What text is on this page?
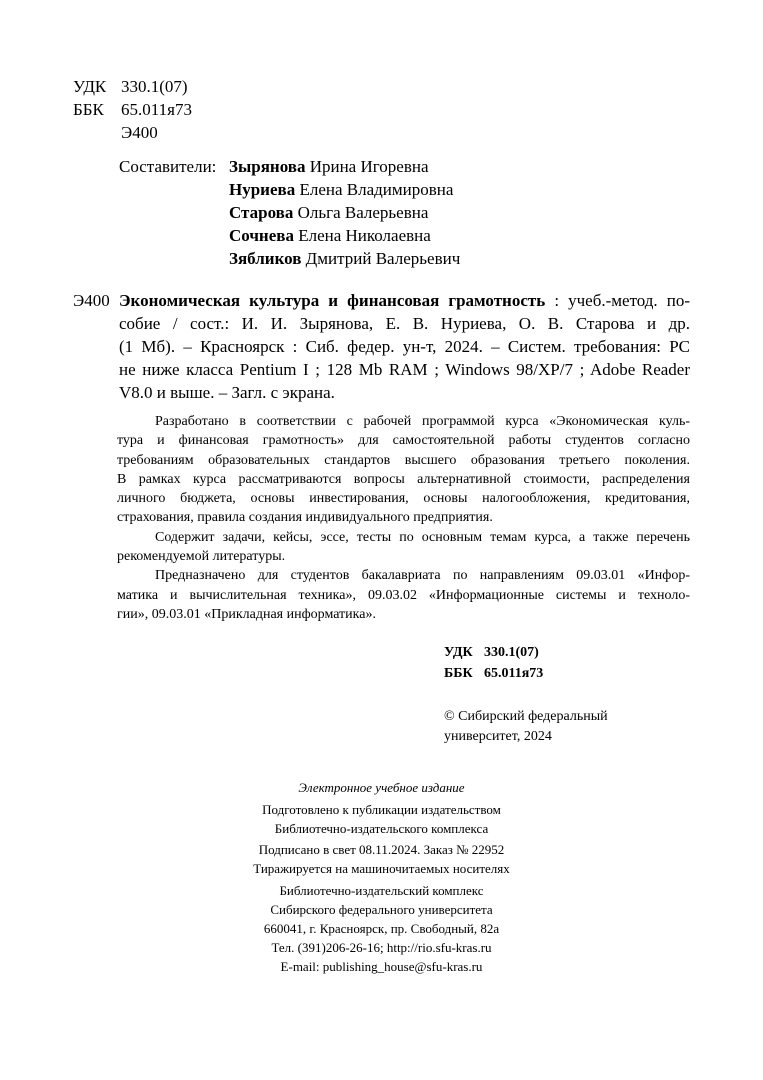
УДК 330.1(07)
ББК 65.011я73
Э400
Составители: Зырянова Ирина Игоревна
Нуриева Елена Владимировна
Старова Ольга Валерьевна
Сочнева Елена Николаевна
Зябликов Дмитрий Валерьевич
Э400 Экономическая культура и финансовая грамотность : учеб.-метод. по-
собие / сост.: И. И. Зырянова, Е. В. Нуриева, О. В. Старова и др.
(1 Мб). – Красноярск : Сиб. федер. ун-т, 2024. – Систем. требования: PC
не ниже класса Pentium I ; 128 Mb RAM ; Windows 98/XP/7 ; Adobe Reader
V8.0 и выше. – Загл. с экрана.
Разработано в соответствии с рабочей программой курса «Экономическая куль-
тура и финансовая грамотность» для самостоятельной работы студентов согласно
требованиям образовательных стандартов высшего образования третьего поколения.
В рамках курса рассматриваются вопросы альтернативной стоимости, распределения
личного бюджета, основы инвестирования, основы налогообложения, кредитования,
страхования, правила создания индивидуального предприятия.
Содержит задачи, кейсы, эссе, тесты по основным темам курса, а также перечень
рекомендуемой литературы.
Предназначено для студентов бакалавриата по направлениям 09.03.01 «Инфор-
матика и вычислительная техника», 09.03.02 «Информационные системы и техноло-
гии», 09.03.01 «Прикладная информатика».
УДК 330.1(07)
ББК 65.011я73
© Сибирский федеральный
университет, 2024
Электронное учебное издание
Подготовлено к публикации издательством
Библиотечно-издательского комплекса
Подписано в свет 08.11.2024. Заказ № 22952
Тиражируется на машиночитаемых носителях
Библиотечно-издательский комплекс
Сибирского федерального университета
660041, г. Красноярск, пр. Свободный, 82а
Тел. (391)206-26-16; http://rio.sfu-kras.ru
E-mail: publishing_house@sfu-kras.ru
